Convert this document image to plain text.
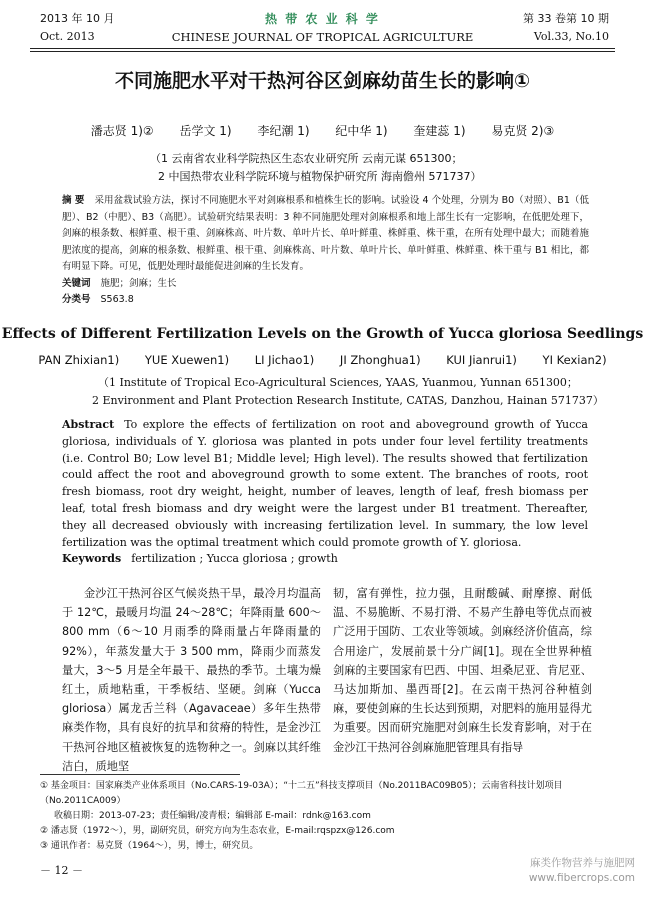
2013 年 10 月
Oct. 2013
热 带 农 业 科 学
CHINESE JOURNAL OF TROPICAL AGRICULTURE
第 33 卷第 10 期
Vol.33, No.10
不同施肥水平对干热河谷区剑麻幼苗生长的影响①
潘志贤 1)② 岳学文 1) 李纪潮 1) 纪中华 1) 奎建蕊 1) 易克贤 2)③
（1 云南省农业科学院热区生态农业研究所 云南元谋 651300；
2 中国热带农业科学院环境与植物保护研究所 海南儋州 571737）
摘 要 采用盆栽试验方法，探讨不同施肥水平对剑麻根系和植株生长的影响。试验设 4 个处理，分别为 B0（对照）、B1（低肥）、B2（中肥）、B3（高肥）。试验研究结果表明：3 种不同施肥处理对剑麻根系和地上部生长有一定影响，在低肥处理下，剑麻的根条数、根鲜重、根干重、剑麻株高、叶片数、单叶片长、单叶鲜重、株鲜重、株干重，在所有处理中最大；而随着施肥浓度的提高，剑麻的根条数、根鲜重、根干重、剑麻株高、叶片数、单叶片长、单叶鲜重、株鲜重、株干重与 B1 相比，都有明显下降。可见，低肥处理时最能促进剑麻的生长发育。
关键词 施肥；剑麻；生长
分类号 S563.8
Effects of Different Fertilization Levels on the Growth of Yucca gloriosa Seedlings
PAN Zhixian1) YUE Xuewen1) LI Jichao1) JI Zhonghua1) KUI Jianrui1) YI Kexian2)
（1 Institute of Tropical Eco-Agricultural Sciences, YAAS, Yuanmou, Yunnan 651300；
2 Environment and Plant Protection Research Institute, CATAS, Danzhou, Hainan 571737）
Abstract To explore the effects of fertilization on root and aboveground growth of Yucca gloriosa, individuals of Y. gloriosa was planted in pots under four level fertility treatments (i.e. Control B0; Low level B1; Middle level; High level). The results showed that fertilization could affect the root and aboveground growth to some extent. The branches of roots, root fresh biomass, root dry weight, height, number of leaves, length of leaf, fresh biomass per leaf, total fresh biomass and dry weight were the largest under B1 treatment. Thereafter, they all decreased obviously with increasing fertilization level. In summary, the low level fertilization was the optimal treatment which could promote growth of Y. gloriosa.
Keywords fertilization ; Yucca gloriosa ; growth
金沙江干热河谷区气候炎热干旱，最冷月均温高于 12℃，最暖月均温 24～28℃；年降雨量 600～800 mm（6～10 月雨季的降雨量占年降雨量的 92%），年蒸发量大于 3 500 mm，降雨少而蒸发量大，3～5 月是全年最干、最热的季节。土壤为燥红土，质地粘重，干季板结、坚硬。剑麻（Yucca gloriosa）属龙舌兰科（Agavaceae）多年生热带麻类作物，具有良好的抗旱和贫瘠的特性，是金沙江干热河谷地区植被恢复的选物种之一。剑麻以其纤维洁白，质地坚
韧，富有弹性，拉力强，且耐酸碱、耐摩擦、耐低温、不易脆断、不易打滑、不易产生静电等优点而被广泛用于国防、工农业等领域。剑麻经济价值高，综合用途广，发展前景十分广阔[1]。现在全世界种植剑麻的主要国家有巴西、中国、坦桑尼亚、肯尼亚、马达加斯加、墨西哥[2]。在云南干热河谷种植剑麻，要使剑麻的生长达到预期，对肥料的施用显得尤为重要。因而研究施肥对剑麻生长发育影响，对于在金沙江干热河谷剑麻施肥管理具有指导
① 基金项目：国家麻类产业体系项目（No.CARS-19-03A）；“十二五”科技支撑项目（No.2011BAC09B05）；云南省科技计划项目（No.2011CA009）
收稿日期：2013-07-23；责任编辑/凌青根；编辑部 E-mail：rdnk@163.com
② 潘志贤（1972～），男，副研究员，研究方向为生态农业，E-mail:rqspzx@126.com
③ 通讯作者：易克贤（1964～），男，博士，研究员。
－ 12 －
麻类作物营养与施肥网
www.fibercrops.com
